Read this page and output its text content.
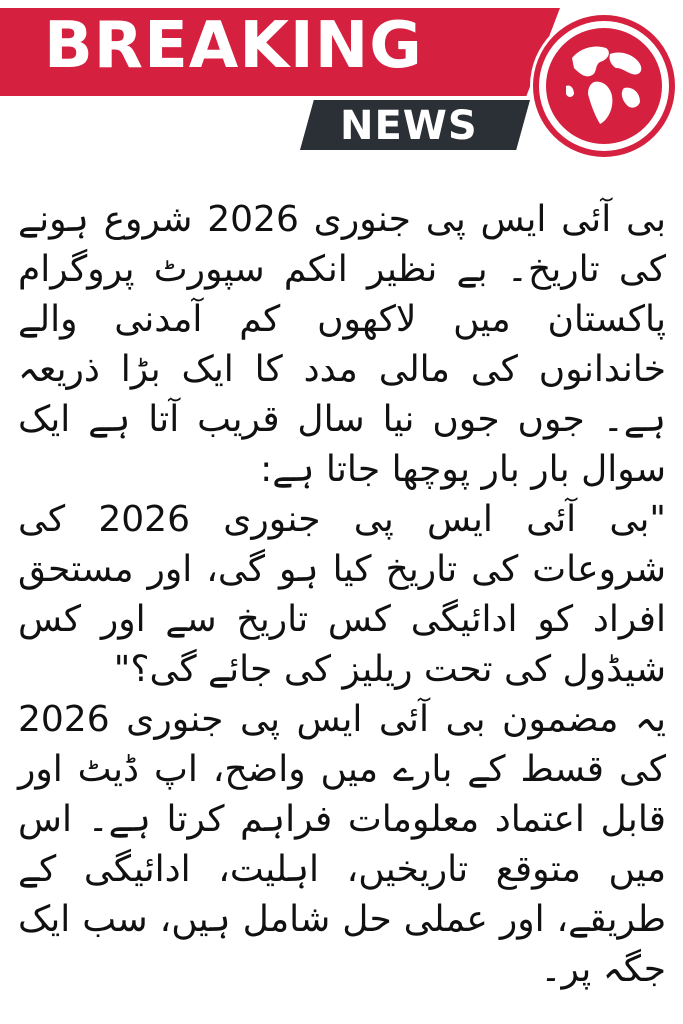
BREAKING
NEWS

بی آئی ایس پی جنوری 2026 شروع ہونے کی تاریخ۔ بے نظیر انکم سپورٹ پروگرام پاکستان میں لاکھوں کم آمدنی والے خاندانوں کی مالی مدد کا ایک بڑا ذریعہ ہے۔ جوں جوں نیا سال قریب آتا ہے ایک سوال بار بار پوچھا جاتا ہے:

"بی آئی ایس پی جنوری 2026 کی شروعات کی تاریخ کیا ہو گی، اور مستحق افراد کو ادائیگی کس تاریخ سے اور کس شیڈول کی تحت ریلیز کی جائے گی؟"

یہ مضمون بی آئی ایس پی جنوری 2026 کی قسط کے بارے میں واضح، اپ ڈیٹ اور قابل اعتماد معلومات فراہم کرتا ہے۔ اس میں متوقع تاریخیں، اہلیت، ادائیگی کے طریقے، اور عملی حل شامل ہیں، سب ایک جگہ پر۔
